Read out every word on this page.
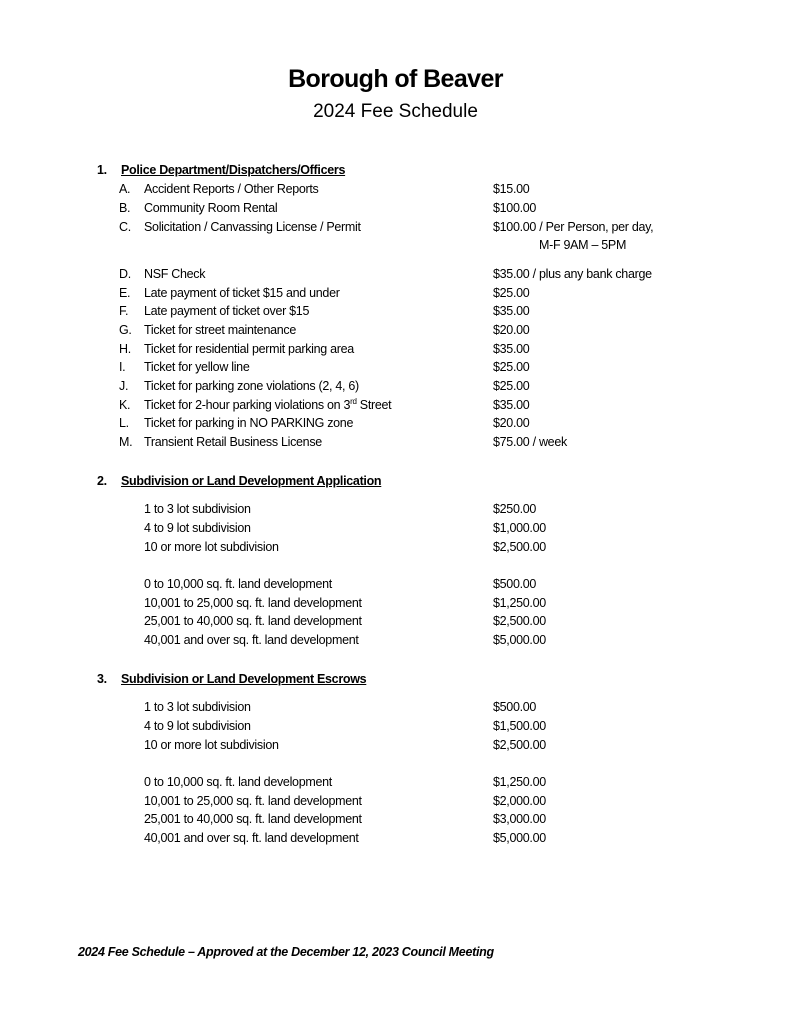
Borough of Beaver
2024 Fee Schedule
1. Police Department/Dispatchers/Officers
A. Accident Reports / Other Reports	$15.00
B. Community Room Rental	$100.00
C. Solicitation / Canvassing License / Permit	$100.00 / Per Person, per day,
M-F 9AM – 5PM
D. NSF Check	$35.00 / plus any bank charge
E. Late payment of ticket $15 and under	$25.00
F. Late payment of ticket over $15	$35.00
G. Ticket for street maintenance	$20.00
H. Ticket for residential permit parking area	$35.00
I. Ticket for yellow line	$25.00
J. Ticket for parking zone violations (2, 4, 6)	$25.00
K. Ticket for 2-hour parking violations on 3rd Street	$35.00
L. Ticket for parking in NO PARKING zone	$20.00
M. Transient Retail Business License	$75.00 / week
2. Subdivision or Land Development Application
1 to 3 lot subdivision	$250.00
4 to 9 lot subdivision	$1,000.00
10 or more lot subdivision	$2,500.00
0 to 10,000 sq. ft. land development	$500.00
10,001 to 25,000 sq. ft. land development	$1,250.00
25,001 to 40,000 sq. ft. land development	$2,500.00
40,001 and over sq. ft. land development	$5,000.00
3. Subdivision or Land Development Escrows
1 to 3 lot subdivision	$500.00
4 to 9 lot subdivision	$1,500.00
10 or more lot subdivision	$2,500.00
0 to 10,000 sq. ft. land development	$1,250.00
10,001 to 25,000 sq. ft. land development	$2,000.00
25,001 to 40,000 sq. ft. land development	$3,000.00
40,001 and over sq. ft. land development	$5,000.00
2024 Fee Schedule – Approved at the December 12, 2023 Council Meeting
